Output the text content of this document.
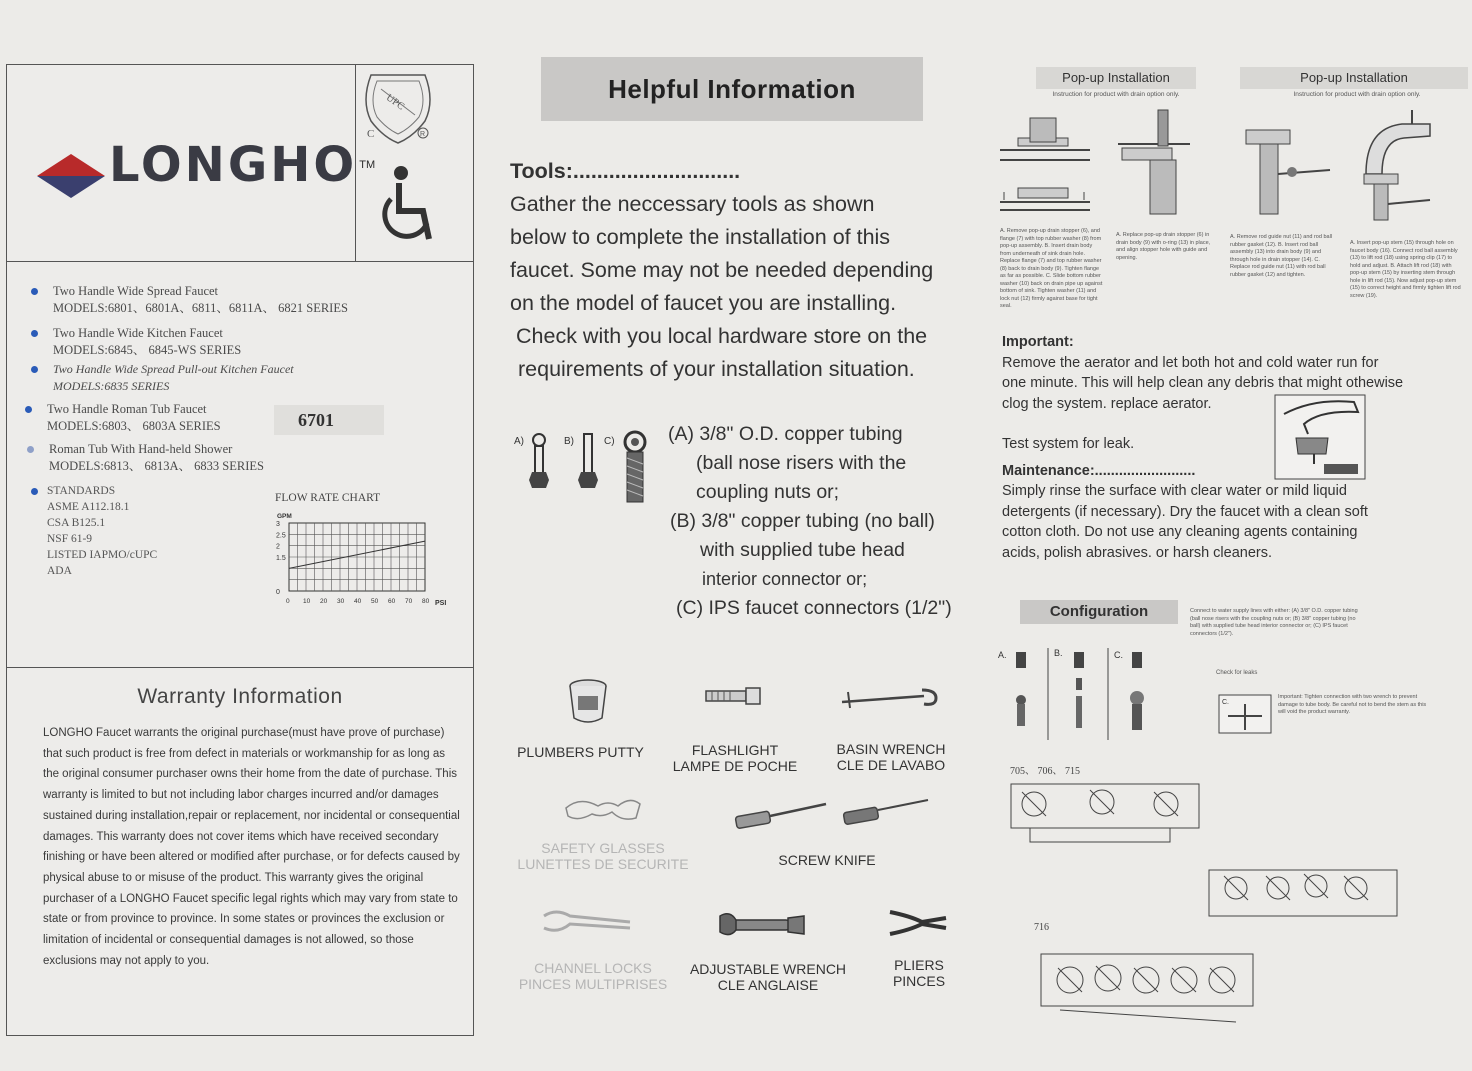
LONGHO TM
UPC
C	R
Two Handle Wide Spread Faucet
MODELS:6801、6801A、6811、6811A、 6821 SERIES
Two Handle Wide Kitchen Faucet
MODELS:6845、 6845-WS SERIES
Two Handle Wide Spread Pull-out Kitchen Faucet
MODELS:6835 SERIES
Two Handle Roman Tub Faucet
MODELS:6803、 6803A SERIES	6701
Roman Tub With Hand-held Shower
MODELS:6813、 6813A、 6833 SERIES
STANDARDS
ASME A112.18.1
CSA B125.1
NSF 61-9
LISTED IAPMO/cUPC
ADA
FLOW RATE CHART
GPM
PSI
3
2.5
2
1.5
0
0 10 20 30 40 50 60 70 80
Warranty Information

LONGHO Faucet warrants the original purchase(must have prove of purchase) that such product is free from defect in materials or workmanship for as long as the original consumer purchaser owns their home from the date of purchase. This warranty is limited to but not including labor charges incurred and/or damages sustained during installation,repair or replacement, nor incidental or consequential damages. This warranty does not cover items which have received secondary finishing or have been altered or modified after purchase, or for defects caused by physical abuse to or misuse of the product. This warranty gives the original purchaser of a LONGHO Faucet specific legal rights which may vary from state to state or from province to province. In some states or provinces the exclusion or limitation of incidental or consequential damages is not allowed, so those exclusions may not apply to you.

Helpful Information
Tools:............................
Gather the neccessary tools as shown
below to complete the installation of this
faucet. Some may not be needed depending
on the model of faucet you are installing.
Check with you local hardware store on the
requirements of your installation situation.
A)	B)	C)	(A) 3/8" O.D. copper tubing
(ball nose risers with the
coupling nuts or;
(B) 3/8" copper tubing (no ball)
with supplied tube head
interior connector or;
(C) IPS faucet connectors (1/2")
PLUMBERS PUTTY	FLASHLIGHT
LAMPE DE POCHE
BASIN WRENCH
CLE DE LAVABO
SAFETY GLASSES
LUNETTES DE SECURITE	SCREW KNIFE
CHANNEL LOCKS
PINCES MULTIPRISES
ADJUSTABLE WRENCH
CLE ANGLAISE
PLIERS
PINCES
Pop-up Installation
Instruction for product with drain option only.
Pop-up Installation
Instruction for product with drain option only.
A. Remove pop-up drain stopper (6), and flange (7) with top rubber washer (8) from pop-up assembly. B. Insert drain body from underneath of sink drain hole. Replace flange (7) and top rubber washer (8) back to drain body (9). Tighten flange as far as possible. C. Slide bottom rubber washer (10) back on drain pipe up against bottom of sink. Tighten washer (11) and lock nut (12) firmly against base for tight seal.
A. Replace pop-up drain stopper (6) in drain body (9) with o-ring (13) in place, and align stopper hole with guide and opening.
A. Remove rod guide nut (11) and rod ball rubber gasket (12). B. Insert rod ball assembly (13) into drain body (9) and through hole in drain stopper (14). C. Replace rod guide nut (11) with rod ball rubber gasket (12) and tighten.
A. Insert pop-up stem (15) through hole on faucet body (16). Connect rod ball assembly (13) to lift rod (18) using spring clip (17) to hold and adjust. B. Attach lift rod (18) with pop-up stem (15) by inserting stem through hole in lift rod (15). Now adjust pop-up stem (15) to correct height and firmly tighten lift rod screw (19).
Important:
Remove the aerator and let both hot and cold water run for
one minute. This will help clean any debris that might othewise
clog the system. replace aerator.
Test system for leak.
Maintenance:.........................
Simply rinse the surface with clear water or mild liquid
detergents (if necessary). Dry the faucet with a clean soft
cotton cloth. Do not use any cleaning agents containing
acids, polish abrasives. or harsh cleaners.
Configuration	Connect to water supply lines with either: (A) 3/8" O.D. copper tubing (ball nose risers with the coupling nuts or; (B) 3/8" copper tubing (no ball) with supplied tube head interior connector or; (C) IPS faucet connectors (1/2").
Check for leaks
A.	B.	C.
C.
Important: Tighten connection with two wrench to prevent damage to tube body. Be careful not to bend the stem as this will void the product warranty.
705、 706、 715
716
